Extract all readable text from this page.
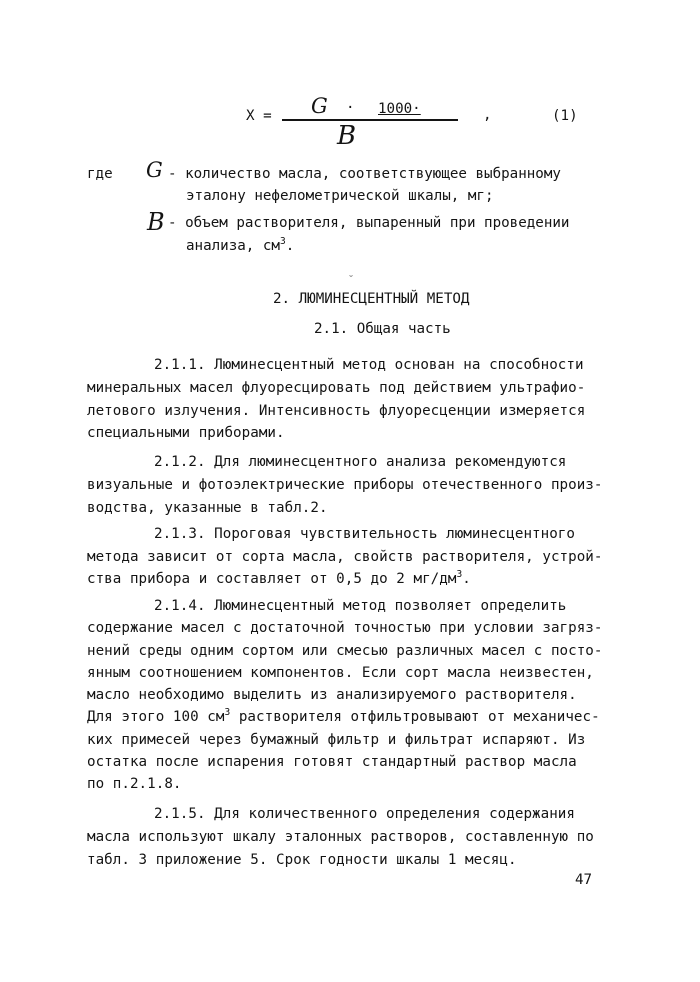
X = G · 1000·
B
,	(1)
где G - количество масла, соответствующее выбранному
эталону нефелометрической шкалы, мг;
B - объем растворителя, выпаренный при проведении
анализа, $см^3$.
˘
2. ЛЮМИНЕСЦЕНТНЫЙ МЕТОД
2.1. Общая часть
2.1.1. Люминесцентный метод основан на способности
минеральных масел флуоресцировать под действием ультрафио-
летового излучения. Интенсивность флуоресценции измеряется
специальными приборами.
2.1.2. Для люминесцентного анализа рекомендуются
визуальные и фотоэлектрические приборы отечественного произ-
водства, указанные в табл.2.
2.1.3. Пороговая чувствительность люминесцентного
метода зависит от сорта масла, свойств растворителя, устрой-
ства прибора и составляет от 0,5 до 2 $мг/дм^3$.
2.1.4. Люминесцентный метод позволяет определить
содержание масел с достаточной точностью при условии загряз-
нений среды одним сортом или смесью различных масел с посто-
янным соотношением компонентов. Если сорт масла неизвестен,
масло необходимо выделить из анализируемого растворителя.
Для этого 100 $см^3$ растворителя отфильтровывают от механичес-
ких примесей через бумажный фильтр и фильтрат испаряют. Из
остатка после испарения готовят стандартный раствор масла
по п.2.1.8.
2.1.5. Для количественного определения содержания
масла используют шкалу эталонных растворов, составленную по
табл. 3 приложение 5. Срок годности шкалы 1 месяц.
47
